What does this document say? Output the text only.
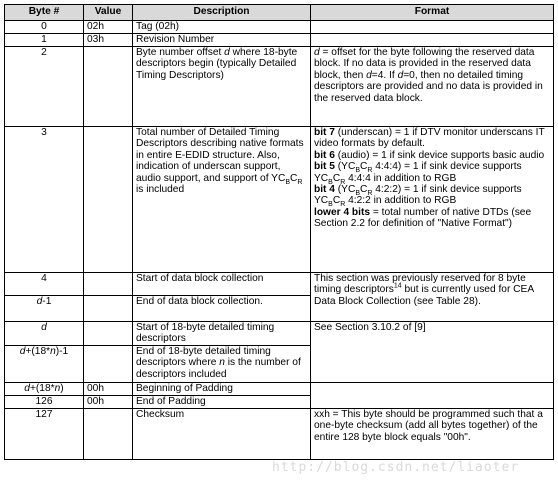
Byte #	Value	Description	Format
0	02h	Tag (02h)	
1	03h	Revision Number	
2		Byte number offset d where 18-byte descriptors begin (typically Detailed Timing Descriptors)	d = offset for the byte following the reserved data block. If no data is provided in the reserved data block, then d=4. If d=0, then no detailed timing descriptors are provided and no data is provided in the reserved data block.
3		Total number of Detailed Timing Descriptors describing native formats in entire E-EDID structure. Also, indication of underscan support, audio support, and support of $YC_BC_R$ is included	bit 7 (underscan) = 1 if DTV monitor underscans IT video formats by default.
bit 6 (audio) = 1 if sink device supports basic audio
bit 5 ($YC_BC_R$ 4:4:4) = 1 if sink device supports $YC_BC_R$ 4:4:4 in addition to RGB
bit 4 ($YC_BC_R$ 4:2:2) = 1 if sink device supports $YC_BC_R$ 4:2:2 in addition to RGB
lower 4 bits = total number of native DTDs (see Section 2.2 for definition of "Native Format")

4		Start of data block collection	This section was previously reserved for 8 byte timing descriptors$^{14}$ but is currently used for CEA Data Block Collection (see Table 28).
d-1		End of data block collection.	
d		Start of 18-byte detailed timing descriptors	See Section 3.10.2 of [9]
d+(18*n)-1		End of 18-byte detailed timing descriptors where n is the number of descriptors included	
d+(18*n)	00h	Beginning of Padding	
126	00h	End of Padding	
127		Checksum	xxh = This byte should be programmed such that a one-byte checksum (add all bytes together) of the entire 128 byte block equals "00h".
http://blog.csdn.net/liaoter
